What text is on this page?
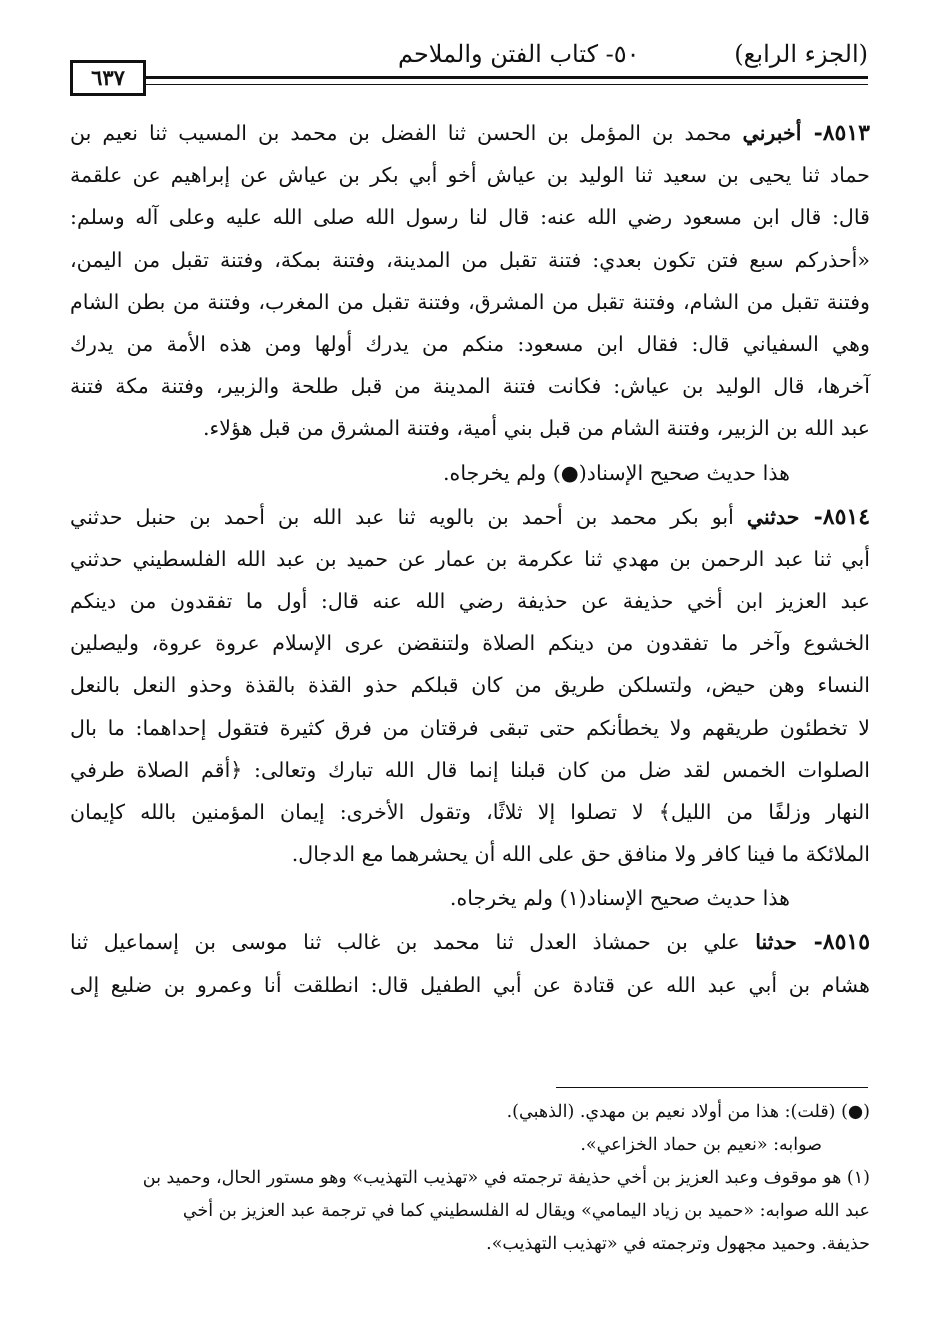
(الجزء الرابع)
٥٠- كتاب الفتن والملاحم
٦٣٧
٨٥١٣- أخبرني محمد بن المؤمل بن الحسن ثنا الفضل بن محمد بن المسيب ثنا نعيم بن
حماد ثنا يحيى بن سعيد ثنا الوليد بن عياش أخو أبي بكر بن عياش عن إبراهيم عن علقمة
قال: قال ابن مسعود رضي الله عنه: قال لنا رسول الله صلى الله عليه وعلى آله وسلم:
«أحذركم سبع فتن تكون بعدي: فتنة تقبل من المدينة، وفتنة بمكة، وفتنة تقبل من اليمن،
وفتنة تقبل من الشام، وفتنة تقبل من المشرق، وفتنة تقبل من المغرب، وفتنة من بطن الشام
وهي السفياني قال: فقال ابن مسعود: منكم من يدرك أولها ومن هذه الأمة من يدرك
آخرها، قال الوليد بن عياش: فكانت فتنة المدينة من قبل طلحة والزبير، وفتنة مكة فتنة
عبد الله بن الزبير، وفتنة الشام من قبل بني أمية، وفتنة المشرق من قبل هؤلاء.
هذا حديث صحيح الإسناد(●) ولم يخرجاه.
٨٥١٤- حدثني أبو بكر محمد بن أحمد بن بالويه ثنا عبد الله بن أحمد بن حنبل حدثني
أبي ثنا عبد الرحمن بن مهدي ثنا عكرمة بن عمار عن حميد بن عبد الله الفلسطيني حدثني
عبد العزيز ابن أخي حذيفة عن حذيفة رضي الله عنه قال: أول ما تفقدون من دينكم
الخشوع وآخر ما تفقدون من دينكم الصلاة ولتنقضن عرى الإسلام عروة عروة، وليصلين
النساء وهن حيض، ولتسلكن طريق من كان قبلكم حذو القذة بالقذة وحذو النعل بالنعل
لا تخطئون طريقهم ولا يخطأنكم حتى تبقى فرقتان من فرق كثيرة فتقول إحداهما: ما بال
الصلوات الخمس لقد ضل من كان قبلنا إنما قال الله تبارك وتعالى: ﴿أقم الصلاة طرفي
النهار وزلفًا من الليل﴾ لا تصلوا إلا ثلاثًا، وتقول الأخرى: إيمان المؤمنين بالله كإيمان
الملائكة ما فينا كافر ولا منافق حق على الله أن يحشرهما مع الدجال.
هذا حديث صحيح الإسناد(١) ولم يخرجاه.
٨٥١٥- حدثنا علي بن حمشاذ العدل ثنا محمد بن غالب ثنا موسى بن إسماعيل ثنا
هشام بن أبي عبد الله عن قتادة عن أبي الطفيل قال: انطلقت أنا وعمرو بن ضليع إلى
(●) (قلت): هذا من أولاد نعيم بن مهدي. (الذهبي).
صوابه: «نعيم بن حماد الخزاعي».
(١) هو موقوف وعبد العزيز بن أخي حذيفة ترجمته في «تهذيب التهذيب» وهو مستور الحال، وحميد بن
عبد الله صوابه: «حميد بن زياد اليمامي» ويقال له الفلسطيني كما في ترجمة عبد العزيز بن أخي
حذيفة. وحميد مجهول وترجمته في «تهذيب التهذيب».
